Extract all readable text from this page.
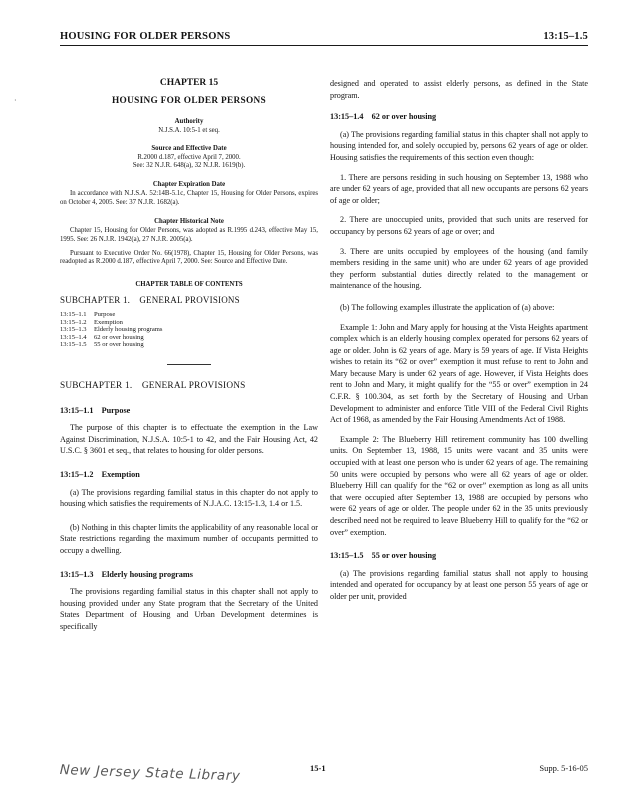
HOUSING FOR OLDER PERSONS	13:15–1.5
·
CHAPTER 15
HOUSING FOR OLDER PERSONS
Authority
N.J.S.A. 10:5-1 et seq.
Source and Effective Date
R.2000 d.187, effective April 7, 2000.
See: 32 N.J.R. 648(a), 32 N.J.R. 1619(b).
Chapter Expiration Date

In accordance with N.J.S.A. 52:14B-5.1c, Chapter 15, Housing for Older Persons, expires on October 4, 2005. See: 37 N.J.R. 1682(a).

Chapter Historical Note

Chapter 15, Housing for Older Persons, was adopted as R.1995 d.243, effective May 15, 1995. See: 26 N.J.R. 1942(a), 27 N.J.R. 2005(a).

Pursuant to Executive Order No. 66(1978), Chapter 15, Housing for Older Persons, was readopted as R.2000 d.187, effective April 7, 2000. See: Source and Effective Date.

CHAPTER TABLE OF CONTENTS
SUBCHAPTER 1. GENERAL PROVISIONS
13:15–1.1 Purpose
13:15–1.2 Exemption
13:15–1.3 Elderly housing programs
13:15–1.4 62 or over housing
13:15–1.5 55 or over housing
SUBCHAPTER 1. GENERAL PROVISIONS
13:15–1.1 Purpose

The purpose of this chapter is to effectuate the exemption in the Law Against Discrimination, N.J.S.A. 10:5-1 to 42, and the Fair Housing Act, 42 U.S.C. § 3601 et seq., that relates to housing for older persons.

13:15–1.2 Exemption

(a) The provisions regarding familial status in this chapter do not apply to housing which satisfies the requirements of N.J.A.C. 13:15-1.3, 1.4 or 1.5.

(b) Nothing in this chapter limits the applicability of any reasonable local or State restrictions regarding the maximum number of occupants permitted to occupy a dwelling.

13:15–1.3 Elderly housing programs

The provisions regarding familial status in this chapter shall not apply to housing provided under any State program that the Secretary of the United States Department of Housing and Urban Development determines is specifically

designed and operated to assist elderly persons, as defined in the State program.

13:15–1.4 62 or over housing

(a) The provisions regarding familial status in this chapter shall not apply to housing intended for, and solely occupied by, persons 62 years of age or older. Housing satisfies the requirements of this section even though:

1. There are persons residing in such housing on September 13, 1988 who are under 62 years of age, provided that all new occupants are persons 62 years of age or older;

2. There are unoccupied units, provided that such units are reserved for occupancy by persons 62 years of age or over; and

3. There are units occupied by employees of the housing (and family members residing in the same unit) who are under 62 years of age provided they perform substantial duties directly related to the management or maintenance of the housing.

(b) The following examples illustrate the application of (a) above:

Example 1: John and Mary apply for housing at the Vista Heights apartment complex which is an elderly housing complex operated for persons 62 years of age or older. John is 62 years of age. Mary is 59 years of age. If Vista Heights wishes to retain its “62 or over” exemption it must refuse to rent to John and Mary because Mary is under 62 years of age. However, if Vista Heights does rent to John and Mary, it might qualify for the “55 or over” exemption in 24 C.F.R. § 100.304, as set forth by the Secretary of Housing and Urban Development to administer and enforce Title VIII of the Federal Civil Rights Act of 1968, as amended by the Fair Housing Amendments Act of 1988.

Example 2: The Blueberry Hill retirement community has 100 dwelling units. On September 13, 1988, 15 units were vacant and 35 units were occupied with at least one person who is under 62 years of age. The remaining 50 units were occupied by persons who were all 62 years of age or older. Blueberry Hill can qualify for the “62 or over” exemption as long as all units that were occupied after September 13, 1988 are occupied by persons who were 62 years of age or older. The people under 62 in the 35 units previously described need not be required to leave Blueberry Hill to qualify for the “62 or over” exemption.

13:15–1.5 55 or over housing

(a) The provisions regarding familial status shall not apply to housing intended and operated for occupancy by at least one person 55 years of age or older per unit, provided

New Jersey State Library	15-1	Supp. 5-16-05
